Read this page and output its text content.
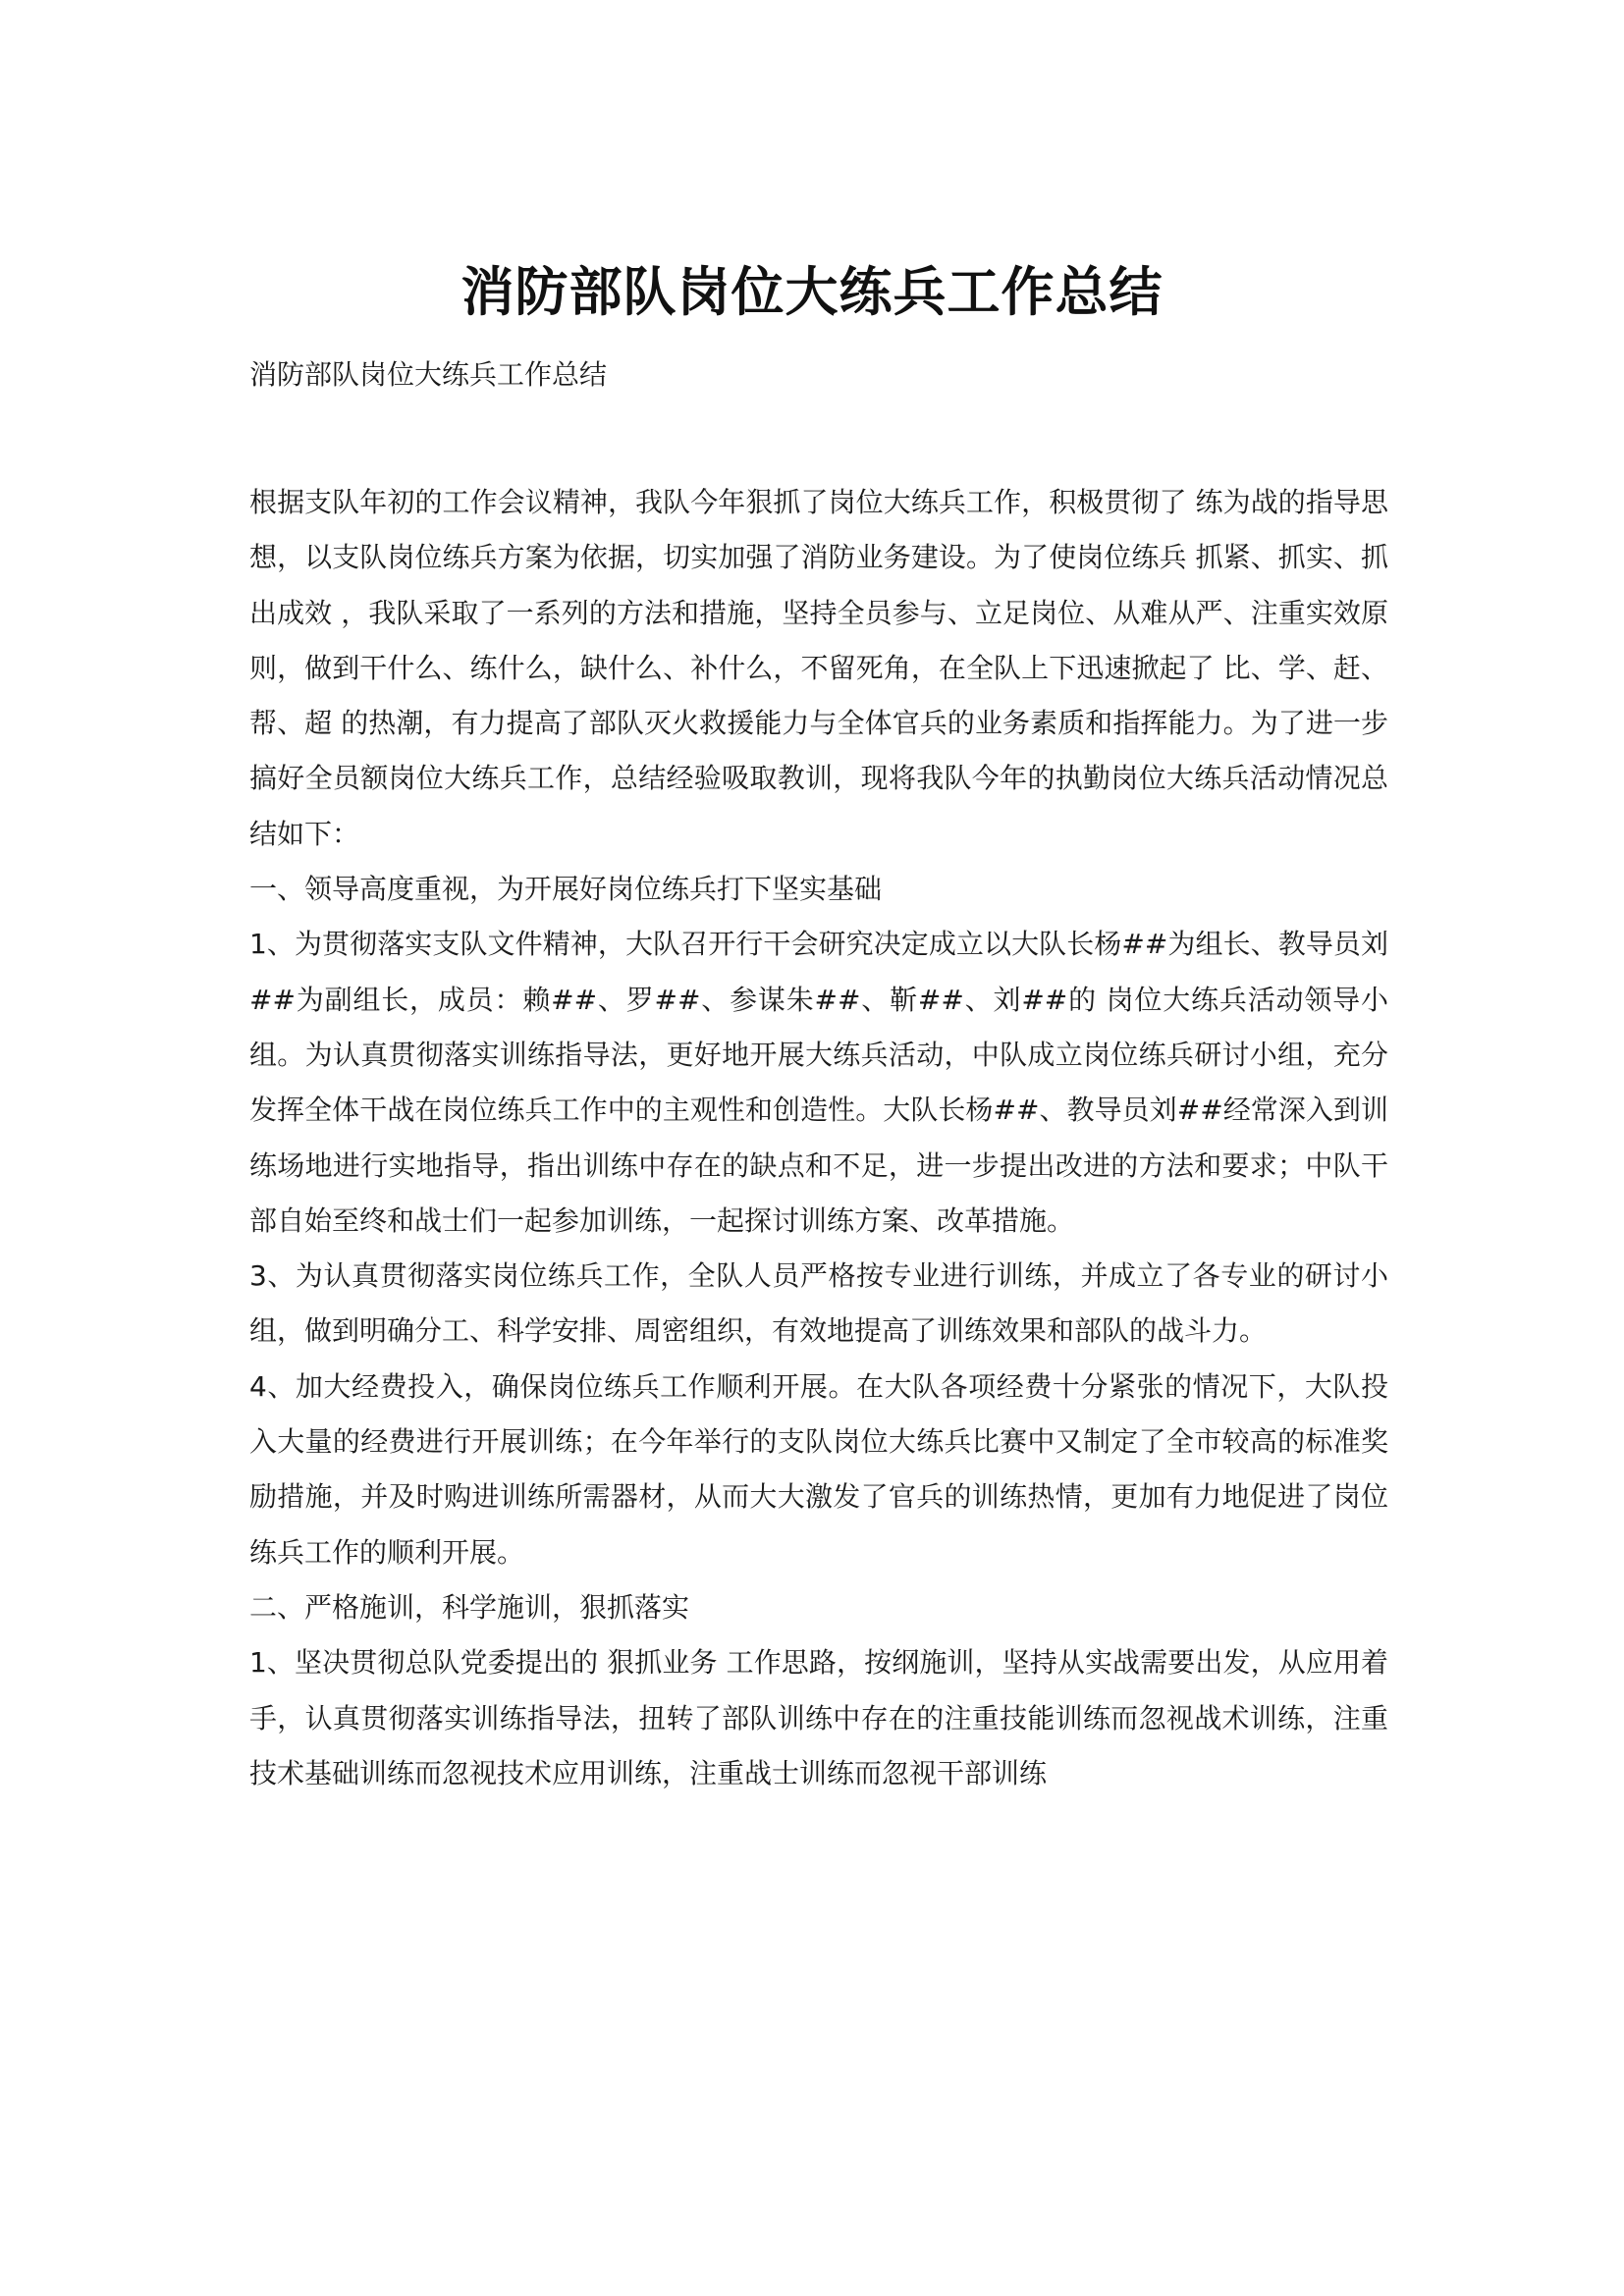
消防部队岗位大练兵工作总结

消防部队岗位大练兵工作总结

根据支队年初的工作会议精神，我队今年狠抓了岗位大练兵工作，积极贯彻了 练为战的指导思想，以支队岗位练兵方案为依据，切实加强了消防业务建设。为了使岗位练兵 抓紧、抓实、抓出成效 ，我队采取了一系列的方法和措施，坚持全员参与、立足岗位、从难从严、注重实效原则，做到干什么、练什么，缺什么、补什么，不留死角，在全队上下迅速掀起了 比、学、赶、帮、超 的热潮，有力提高了部队灭火救援能力与全体官兵的业务素质和指挥能力。为了进一步搞好全员额岗位大练兵工作，总结经验吸取教训，现将我队今年的执勤岗位大练兵活动情况总结如下：

一、领导高度重视，为开展好岗位练兵打下坚实基础

1、为贯彻落实支队文件精神，大队召开行干会研究决定成立以大队长杨##为组长、教导员刘##为副组长，成员：赖##、罗##、参谋朱##、靳##、刘##的 岗位大练兵活动领导小组。为认真贯彻落实训练指导法，更好地开展大练兵活动，中队成立岗位练兵研讨小组，充分发挥全体干战在岗位练兵工作中的主观性和创造性。大队长杨##、教导员刘##经常深入到训练场地进行实地指导，指出训练中存在的缺点和不足，进一步提出改进的方法和要求；中队干部自始至终和战士们一起参加训练，一起探讨训练方案、改革措施。

3、为认真贯彻落实岗位练兵工作，全队人员严格按专业进行训练，并成立了各专业的研讨小组，做到明确分工、科学安排、周密组织，有效地提高了训练效果和部队的战斗力。

4、加大经费投入，确保岗位练兵工作顺利开展。在大队各项经费十分紧张的情况下，大队投入大量的经费进行开展训练；在今年举行的支队岗位大练兵比赛中又制定了全市较高的标准奖励措施，并及时购进训练所需器材，从而大大激发了官兵的训练热情，更加有力地促进了岗位练兵工作的顺利开展。

二、严格施训，科学施训，狠抓落实

1、坚决贯彻总队党委提出的 狠抓业务 工作思路，按纲施训，坚持从实战需要出发，从应用着手，认真贯彻落实训练指导法，扭转了部队训练中存在的注重技能训练而忽视战术训练，注重技术基础训练而忽视技术应用训练，注重战士训练而忽视干部训练
